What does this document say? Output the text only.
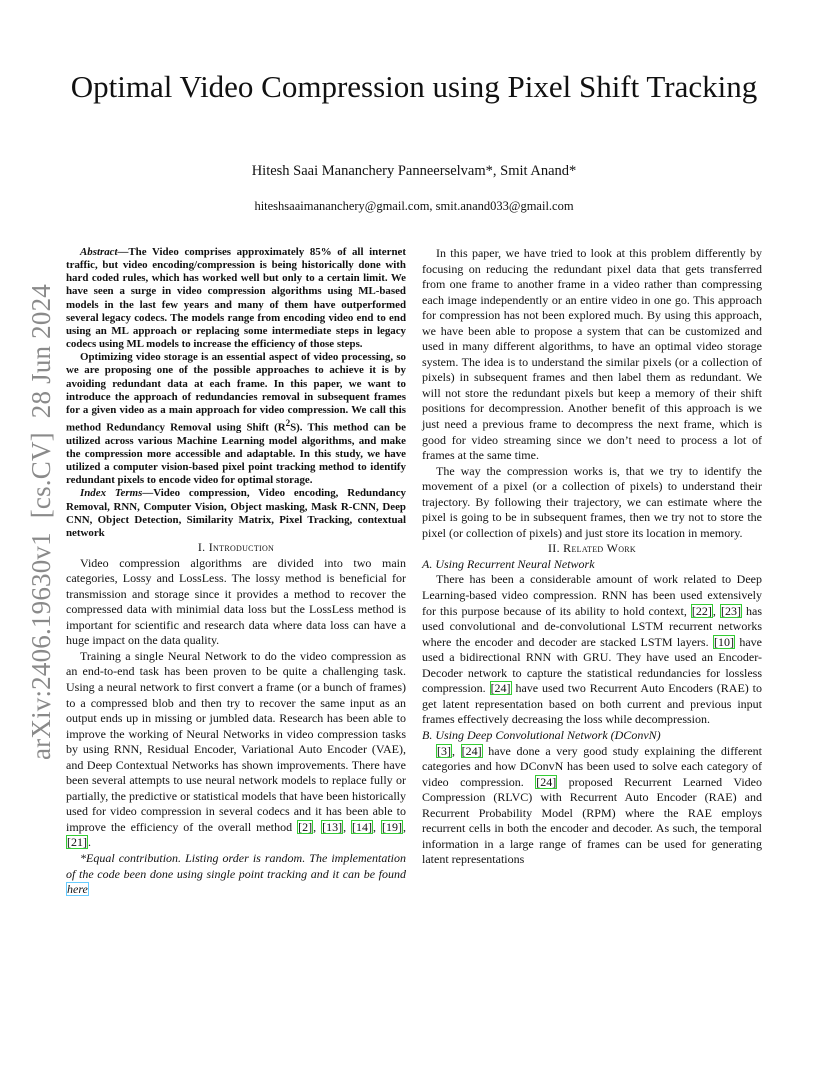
arXiv:2406.19630v1  [cs.CV]  28 Jun 2024
Optimal Video Compression using Pixel Shift Tracking
Hitesh Saai Mananchery Panneerselvam*, Smit Anand*
hiteshsaaimananchery@gmail.com, smit.anand033@gmail.com

Abstract—The Video comprises approximately 85% of all internet traffic, but video encoding/compression is being historically done with hard coded rules, which has worked well but only to a certain limit. We have seen a surge in video compression algorithms using ML-based models in the last few years and many of them have outperformed several legacy codecs. The models range from encoding video end to end using an ML approach or replacing some intermediate steps in legacy codecs using ML models to increase the efficiency of those steps.

Optimizing video storage is an essential aspect of video processing, so we are proposing one of the possible approaches to achieve it is by avoiding redundant data at each frame. In this paper, we want to introduce the approach of redundancies removal in subsequent frames for a given video as a main approach for video compression. We call this method Redundancy Removal using Shift $(R^2S)$. This method can be utilized across various Machine Learning model algorithms, and make the compression more accessible and adaptable. In this study, we have utilized a computer vision-based pixel point tracking method to identify redundant pixels to encode video for optimal storage.

Index Terms—Video compression, Video encoding, Redundancy Removal, RNN, Computer Vision, Object masking, Mask R-CNN, Deep CNN, Object Detection, Similarity Matrix, Pixel Tracking, contextual network

I. Introduction

Video compression algorithms are divided into two main categories, Lossy and LossLess. The lossy method is beneficial for transmission and storage since it provides a method to recover the compressed data with minimial data loss but the LossLess method is important for scientific and research data where data loss can have a huge impact on the data quality.

Training a single Neural Network to do the video compression as an end-to-end task has been proven to be quite a challenging task. Using a neural network to first convert a frame (or a bunch of frames) to a compressed blob and then try to recover the same input as an output ends up in missing or jumbled data. Research has been able to improve the working of Neural Networks in video compression tasks by using RNN, Residual Encoder, Variational Auto Encoder (VAE), and Deep Contextual Networks has shown improvements. There have been several attempts to use neural network models to replace fully or partially, the predictive or statistical models that have been historically used for video compression in several codecs and it has been able to improve the efficiency of the overall method [2], [13], [14], [19], [21].

*Equal contribution. Listing order is random. The implementation of the code been done using single point tracking and it can be found here

In this paper, we have tried to look at this problem differently by focusing on reducing the redundant pixel data that gets transferred from one frame to another frame in a video rather than compressing each image independently or an entire video in one go. This approach for compression has not been explored much. By using this approach, we have been able to propose a system that can be customized and used in many different algorithms, to have an optimal video storage system. The idea is to understand the similar pixels (or a collection of pixels) in subsequent frames and then label them as redundant. We will not store the redundant pixels but keep a memory of their shift positions for decompression. Another benefit of this approach is we just need a previous frame to decompress the next frame, which is good for video streaming since we don’t need to process a lot of frames at the same time.

The way the compression works is, that we try to identify the movement of a pixel (or a collection of pixels) to understand their trajectory. By following their trajectory, we can estimate where the pixel is going to be in subsequent frames, then we try not to store the pixel (or collection of pixels) and just store its location in memory.

II. Related Work

A. Using Recurrent Neural Network

There has been a considerable amount of work related to Deep Learning-based video compression. RNN has been used extensively for this purpose because of its ability to hold context, [22], [23] has used convolutional and de-convolutional LSTM recurrent networks where the encoder and decoder are stacked LSTM layers. [10] have used a bidirectional RNN with GRU. They have used an Encoder-Decoder network to capture the statistical redundancies for lossless compression. [24] have used two Recurrent Auto Encoders (RAE) to get latent representation based on both current and previous input frames effectively decreasing the loss while decompression.

B. Using Deep Convolutional Network (DConvN)

[3], [24] have done a very good study explaining the different categories and how DConvN has been used to solve each category of video compression. [24] proposed Recurrent Learned Video Compression (RLVC) with Recurrent Auto Encoder (RAE) and Recurrent Probability Model (RPM) where the RAE employs recurrent cells in both the encoder and decoder. As such, the temporal information in a large range of frames can be used for generating latent representations
